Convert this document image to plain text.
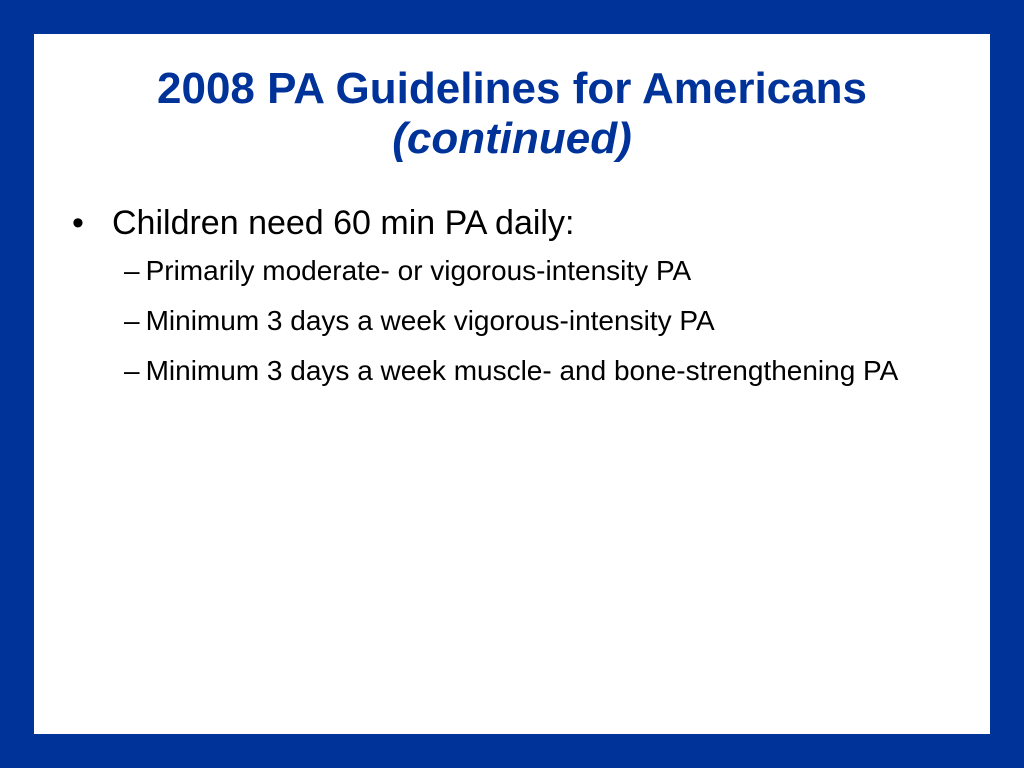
2008 PA Guidelines for Americans
(continued)
• Children need 60 min PA daily:
– Primarily moderate- or vigorous-intensity PA
– Minimum 3 days a week vigorous-intensity PA
– Minimum 3 days a week muscle- and bone-strengthening PA
